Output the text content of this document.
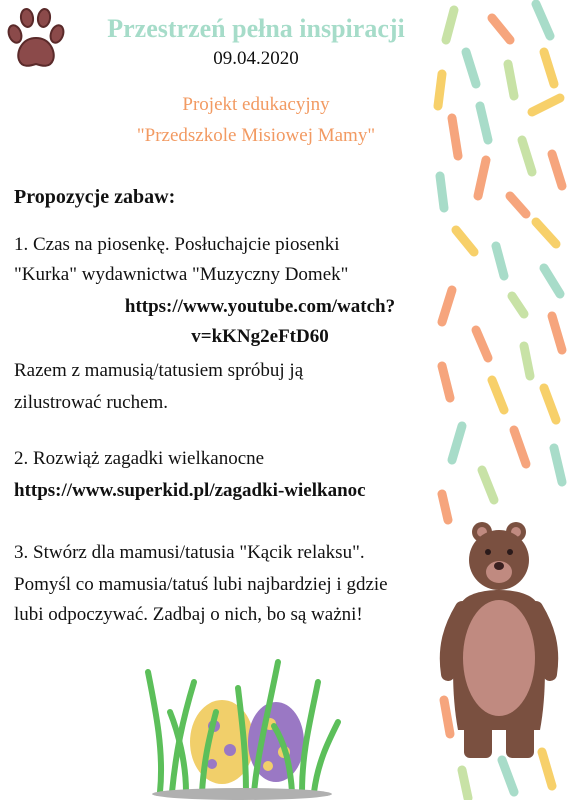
Przestrzeń pełna inspiracji
09.04.2020
Projekt edukacyjny
"Przedszkole Misiowej Mamy"
Propozycje zabaw:
1. Czas na piosenkę. Posłuchajcie piosenki
"Kurka" wydawnictwa "Muzyczny Domek"
https://www.youtube.com/watch?
v=kKNg2eFtD60
Razem z mamusią/tatusiem spróbuj ją
zilustrować ruchem.
2. Rozwiąż zagadki wielkanocne
https://www.superkid.pl/zagadki-wielkanoc
3. Stwórz dla mamusi/tatusia "Kącik relaksu".
Pomyśl co mamusia/tatuś lubi najbardziej i gdzie
lubi odpoczywać. Zadbaj o nich, bo są ważni!
